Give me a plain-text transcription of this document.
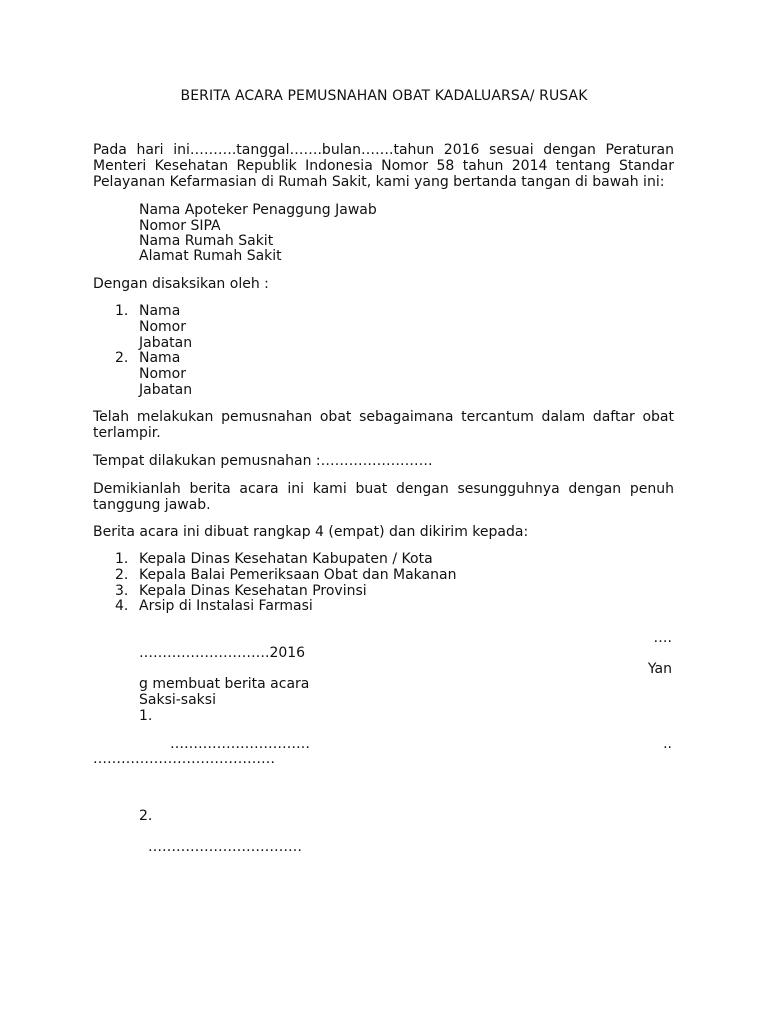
BERITA ACARA PEMUSNAHAN OBAT KADALUARSA/ RUSAK
Pada hari ini……….tanggal…….bulan…….tahun 2016 sesuai dengan Peraturan
Menteri Kesehatan Republik Indonesia Nomor 58 tahun 2014 tentang Standar
Pelayanan Kefarmasian di Rumah Sakit, kami yang bertanda tangan di bawah ini:
Nama Apoteker Penaggung Jawab
Nomor SIPA
Nama Rumah Sakit
Alamat Rumah Sakit
Dengan disaksikan oleh :
1. Nama
Nomor
Jabatan
2. Nama
Nomor
Jabatan
Telah melakukan pemusnahan obat sebagaimana tercantum dalam daftar obat
terlampir.
Tempat dilakukan pemusnahan :……………………
Demikianlah berita acara ini kami buat dengan sesungguhnya dengan penuh
tanggung jawab.
Berita acara ini dibuat rangkap 4 (empat) dan dikirim kepada:
1. Kepala Dinas Kesehatan Kabupaten / Kota
2. Kepala Balai Pemeriksaan Obat dan Makanan
3. Kepala Dinas Kesehatan Provinsi
4. Arsip di Instalasi Farmasi
….
……………………….2016
Yan
g membuat berita acara
Saksi-saksi
1.
…………………………	..
…………………………………
2.
……………………………
